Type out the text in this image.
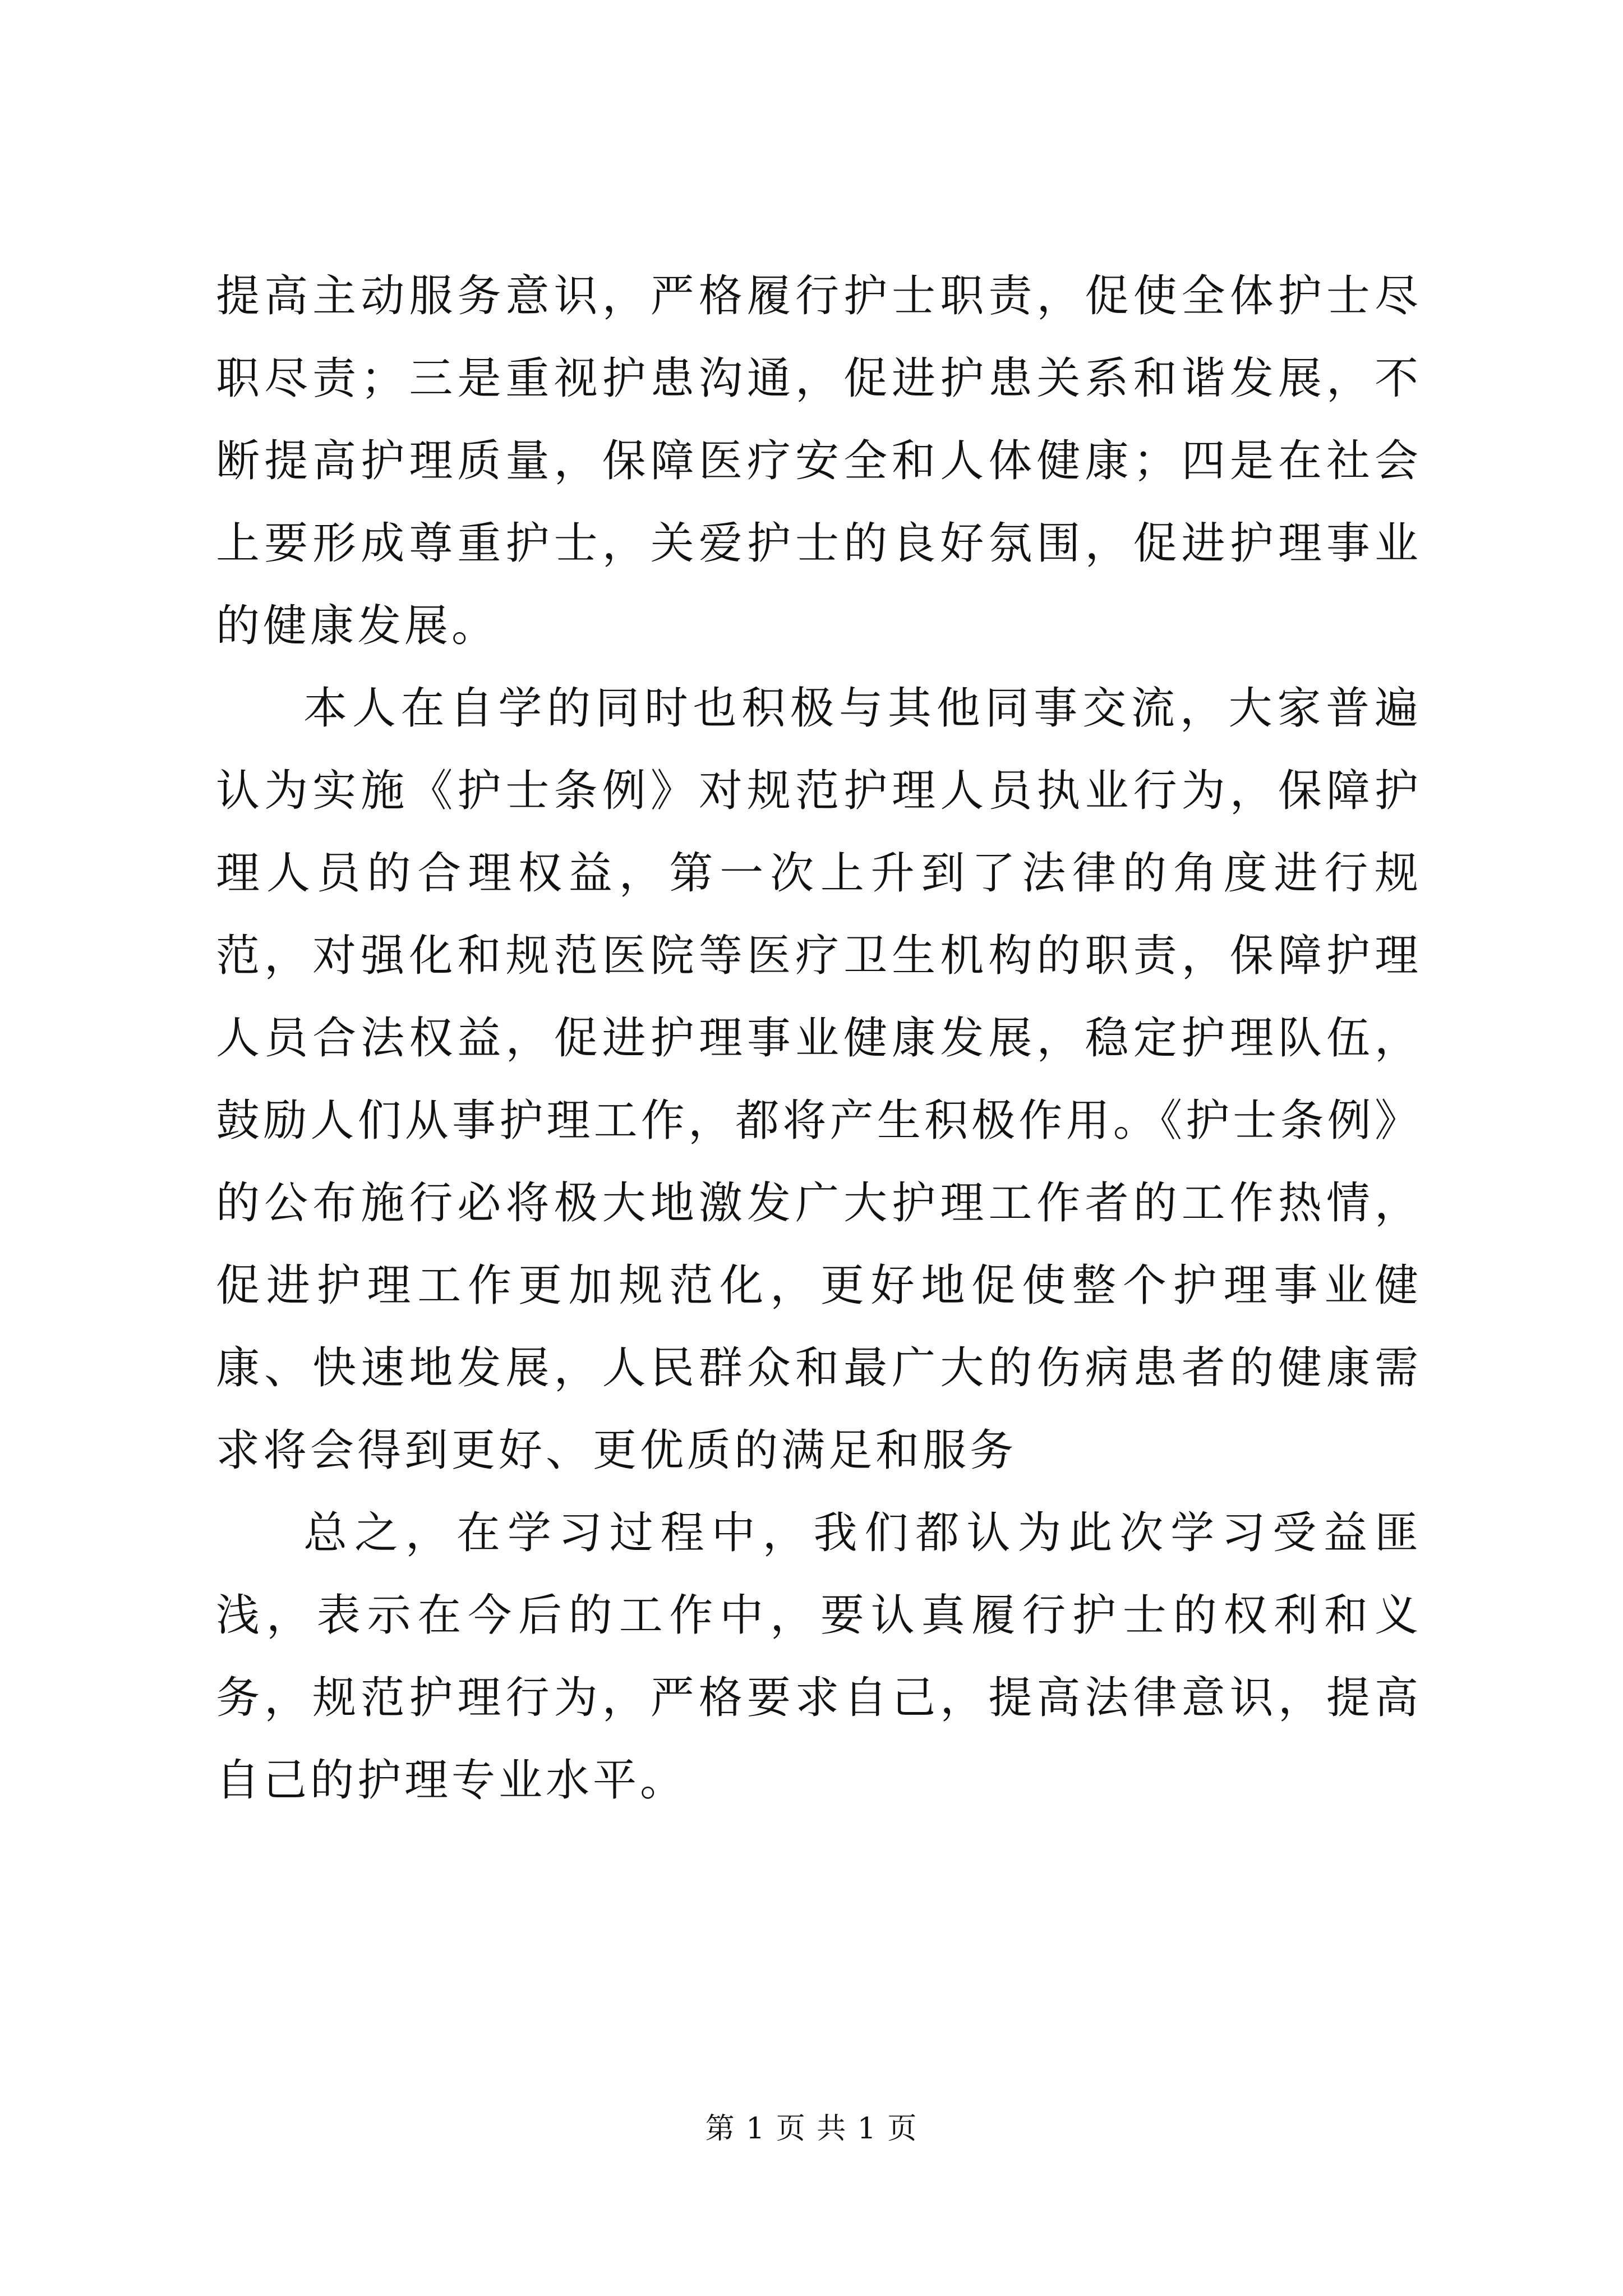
提高主动服务意识，严格履行护士职责，促使全体护士尽职尽责；三是重视护患沟通，促进护患关系和谐发展，不断提高护理质量，保障医疗安全和人体健康；四是在社会上要形成尊重护士，关爱护士的良好氛围，促进护理事业的健康发展。

本人在自学的同时也积极与其他同事交流，大家普遍认为实施《护士条例》对规范护理人员执业行为，保障护理人员的合理权益，第一次上升到了法律的角度进行规范，对强化和规范医院等医疗卫生机构的职责，保障护理人员合法权益，促进护理事业健康发展，稳定护理队伍，鼓励人们从事护理工作，都将产生积极作用。《护士条例》的公布施行必将极大地激发广大护理工作者的工作热情，促进护理工作更加规范化，更好地促使整个护理事业健康、快速地发展，人民群众和最广大的伤病患者的健康需求将会得到更好、更优质的满足和服务

总之，在学习过程中，我们都认为此次学习受益匪浅，表示在今后的工作中，要认真履行护士的权利和义务，规范护理行为，严格要求自己，提高法律意识，提高自己的护理专业水平。

第 1 页 共 1 页
